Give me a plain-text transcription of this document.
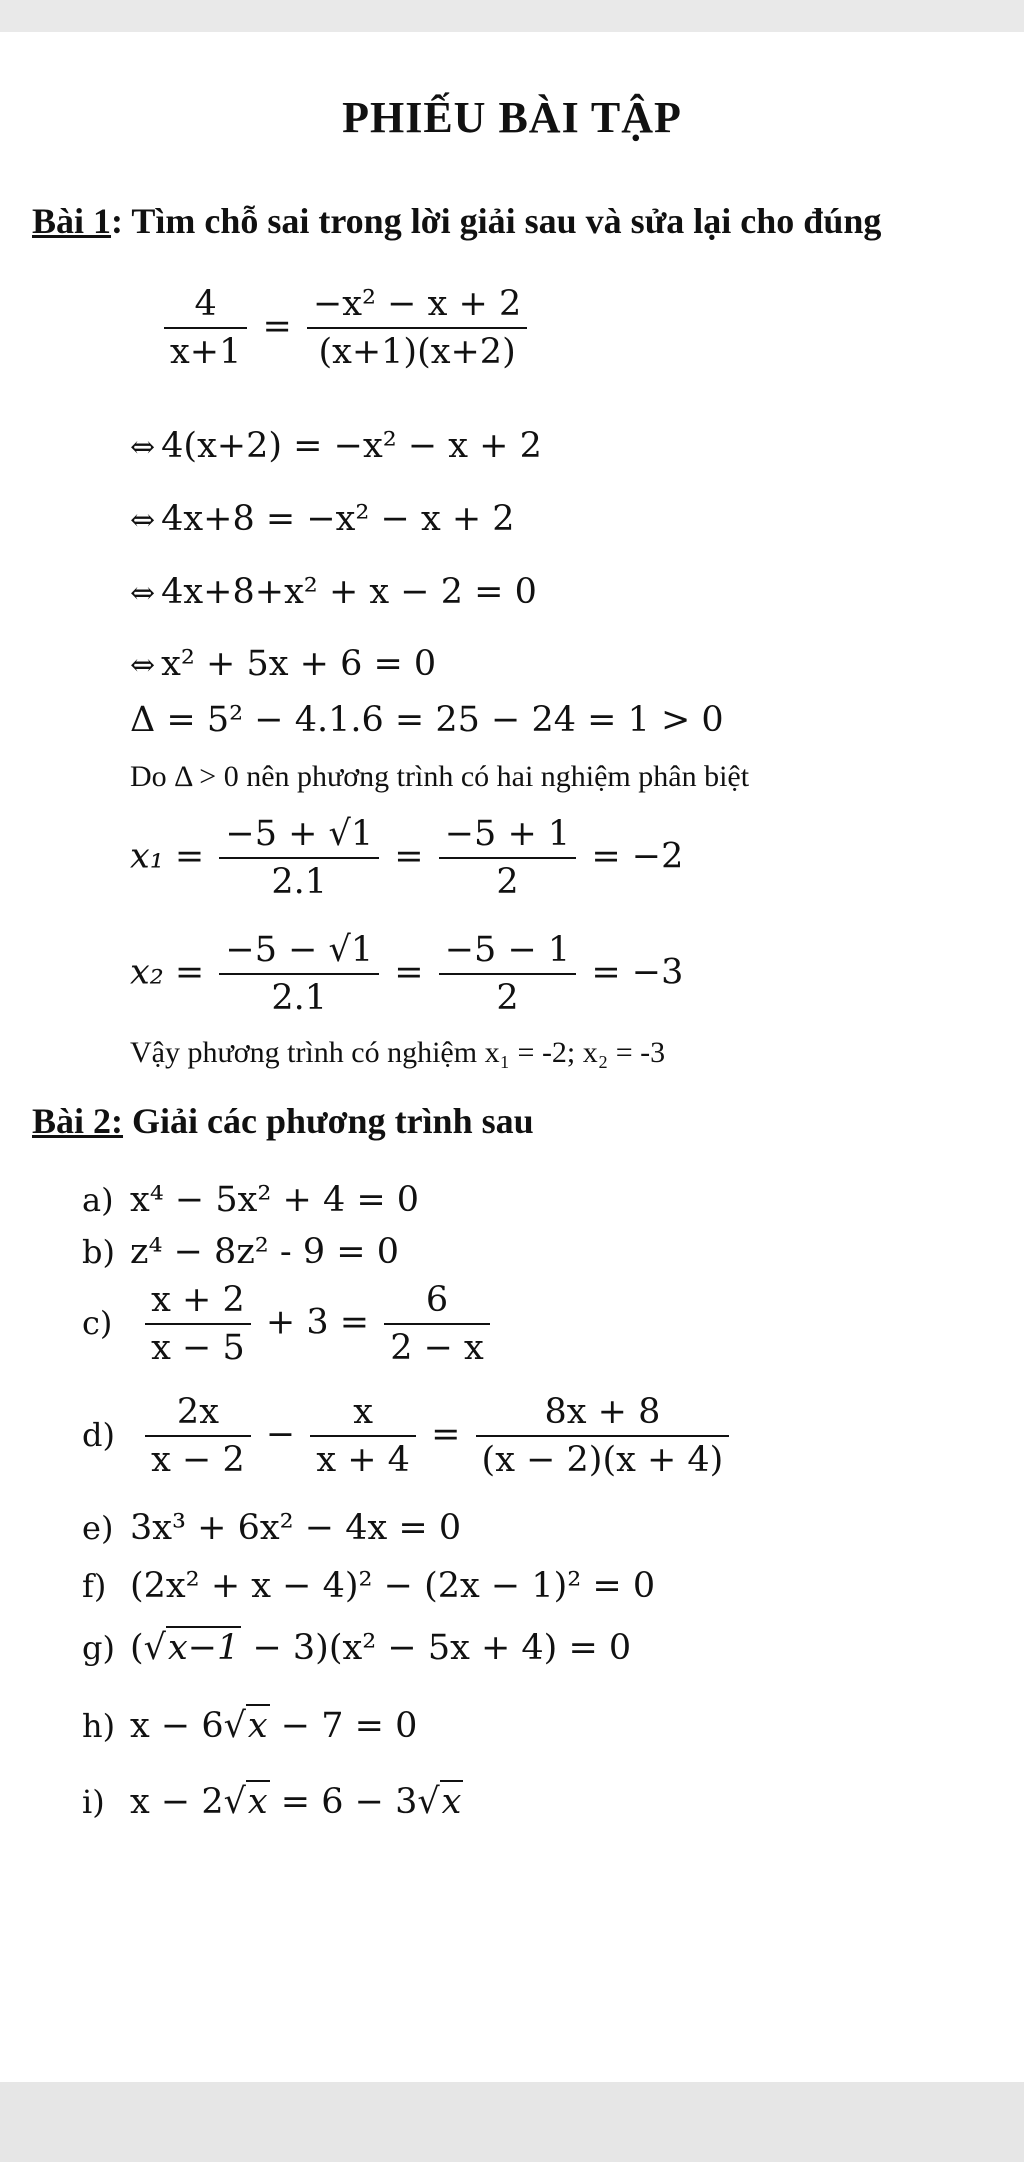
PHIẾU BÀI TẬP
Bài 1: Tìm chỗ sai trong lời giải sau và sửa lại cho đúng
$\frac{4}{x+1} = \frac{\text{−x² − x + 2}}{(x+1)(x+2)}$
⇔ 4(x+2) = −x² − x + 2
⇔ 4x+8 = −x² − x + 2
⇔ 4x+8+x² + x − 2 = 0
⇔ x² + 5x + 6 = 0
Δ = 5² − 4.1.6 = 25 − 24 = 1 > 0
Do Δ > 0 nên phương trình có hai nghiệm phân biệt
$x_1 = \frac{-5 + √1}{2.1} = \frac{-5 + 1}{2} = -2$
$x_2 = \frac{-5 - √1}{2.1} = \frac{-5 - 1}{2} = -3$
Vậy phương trình có nghiệm x₁ = -2; x₂ = -3
Bài 2: Giải các phương trình sau
a) x⁴ − 5x² + 4 = 0
b) z⁴ − 8z² - 9 = 0
$c) \frac{x + 2}{x - 5} + 3 = \frac{6}{2 - x}$
$d) \frac{2x}{x - 2} - \frac{x}{x + 4} = \frac{8x + 8}{(x - 2)(x + 4)}$
e) 3x³ + 6x² − 4x = 0
f) (2x² + x − 4)² − (2x − 1)² = 0
g) (√x−1 − 3)(x² − 5x + 4) = 0
h) x − 6√x − 7 = 0
i) x − 2√x = 6 − 3√x
